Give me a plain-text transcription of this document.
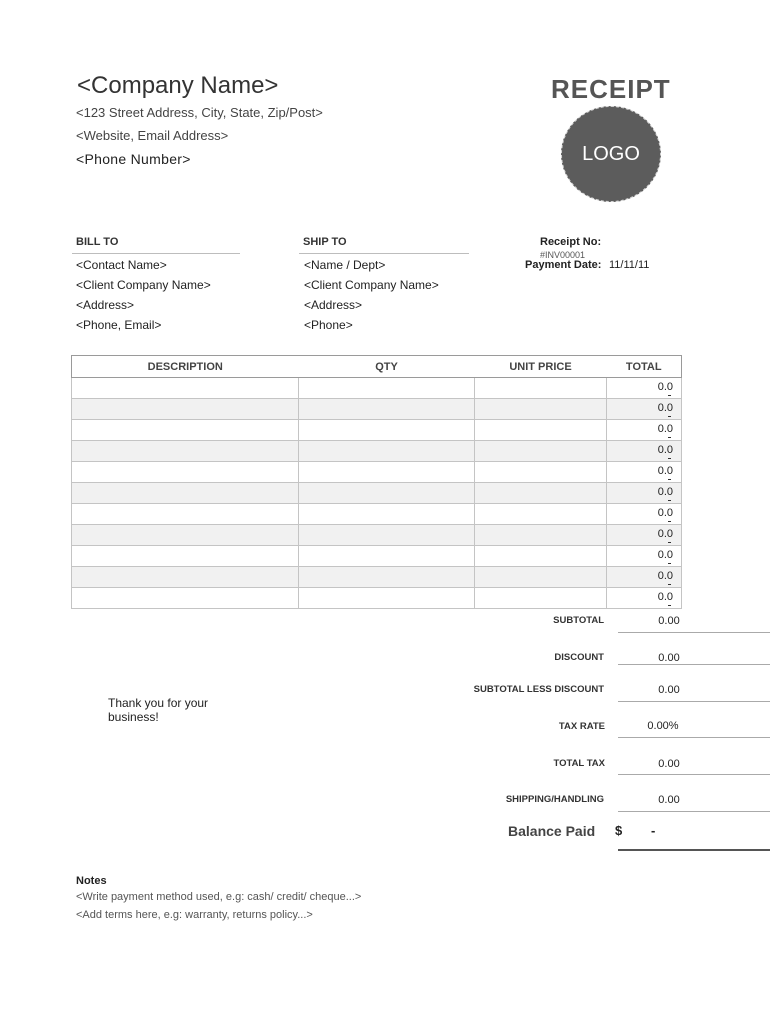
<Company Name>
<123 Street Address, City, State, Zip/Post>
<Website, Email Address>
<Phone Number>
RECEIPT
LOGO
BILL TO
<Contact Name>
<Client Company Name>
<Address>
<Phone, Email>
SHIP TO
<Name / Dept>
<Client Company Name>
<Address>
<Phone>
Receipt No:
#INV00001
Payment Date: 11/11/11
DESCRIPTION	QTY	UNIT PRICE	TOTAL

			0.0

			0.0

			0.0

			0.0

			0.0

			0.0

			0.0

			0.0

			0.0

			0.0

			0.0
SUBTOTAL	0.00
DISCOUNT	0.00
SUBTOTAL LESS DISCOUNT	0.00
TAX RATE	0.00%
TOTAL TAX	0.00
SHIPPING/HANDLING	0.00
Balance Paid $ -
Thank you for your business!
Notes
<Write payment method used, e.g: cash/ credit/ cheque...>
<Add terms here, e.g: warranty, returns policy...>
